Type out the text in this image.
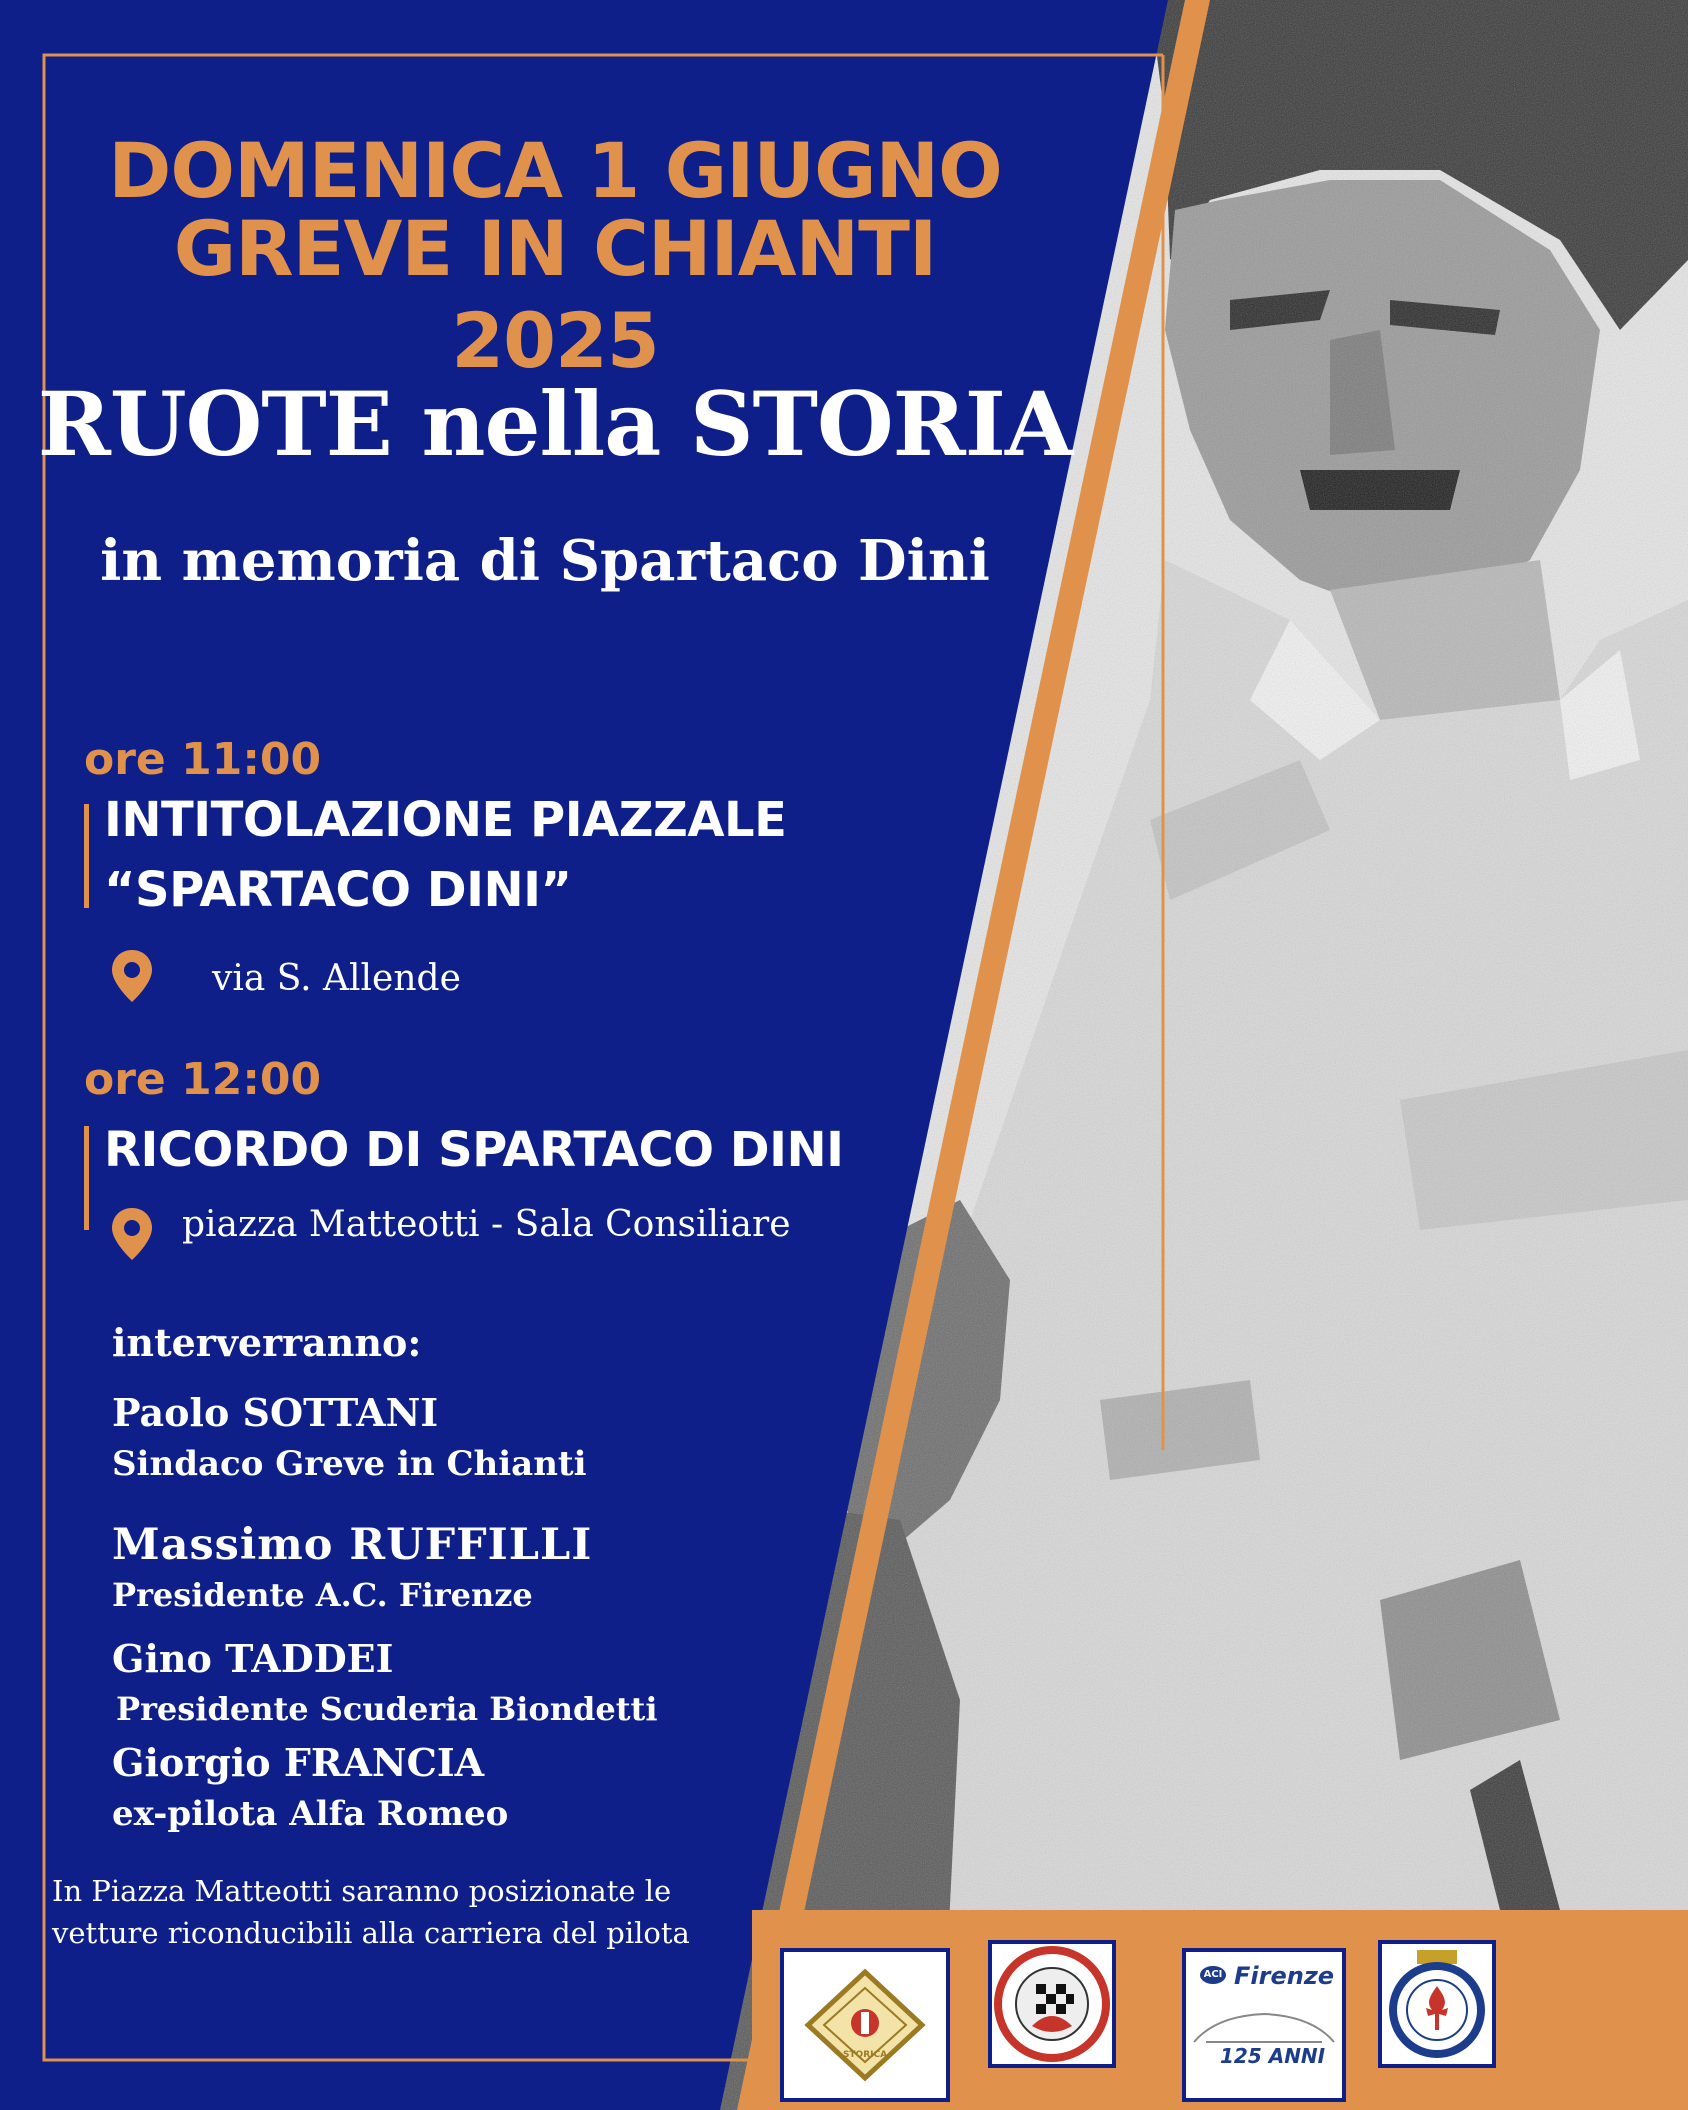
DOMENICA 1 GIUGNO
GREVE IN CHIANTI
2025
RUOTE nella STORIA
in memoria di Spartaco Dini
ore 11:00
INTITOLAZIONE PIAZZALE
“SPARTACO DINI”
via S. Allende
ore 12:00
RICORDO DI SPARTACO DINI
piazza Matteotti - Sala Consiliare
interverranno:
Paolo SOTTANI
Sindaco Greve in Chianti
Massimo RUFFILLI
Presidente A.C. Firenze
Gino TADDEI
Presidente Scuderia Biondetti
Giorgio FRANCIA
ex-pilota Alfa Romeo
In Piazza Matteotti saranno posizionate le
vetture riconducibili alla carriera del pilota
STORICA
ACI Firenze
125 ANNI
